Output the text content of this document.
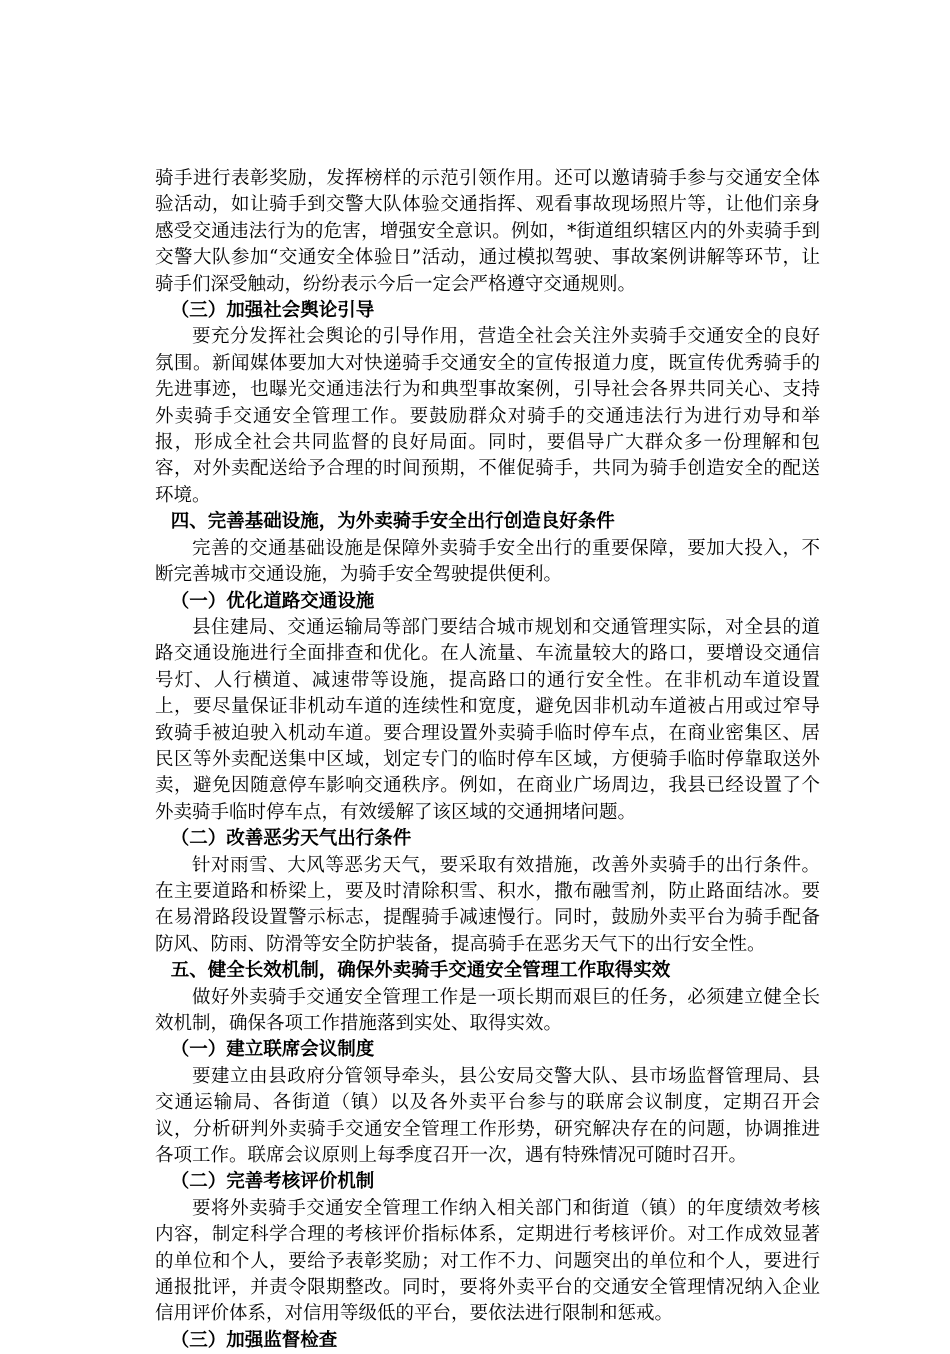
骑手进行表彰奖励，发挥榜样的示范引领作用。还可以邀请骑手参与交通安全体验活动，如让骑手到交警大队体验交通指挥、观看事故现场照片等，让他们亲身感受交通违法行为的危害，增强安全意识。例如，*街道组织辖区内的外卖骑手到交警大队参加“交通安全体验日”活动，通过模拟驾驶、事故案例讲解等环节，让骑手们深受触动，纷纷表示今后一定会严格遵守交通规则。

（三）加强社会舆论引导

要充分发挥社会舆论的引导作用，营造全社会关注外卖骑手交通安全的良好氛围。新闻媒体要加大对快递骑手交通安全的宣传报道力度，既宣传优秀骑手的先进事迹，也曝光交通违法行为和典型事故案例，引导社会各界共同关心、支持外卖骑手交通安全管理工作。要鼓励群众对骑手的交通违法行为进行劝导和举报，形成全社会共同监督的良好局面。同时，要倡导广大群众多一份理解和包容，对外卖配送给予合理的时间预期，不催促骑手，共同为骑手创造安全的配送环境。

四、完善基础设施，为外卖骑手安全出行创造良好条件

完善的交通基础设施是保障外卖骑手安全出行的重要保障，要加大投入，不断完善城市交通设施，为骑手安全驾驶提供便利。

（一）优化道路交通设施

县住建局、交通运输局等部门要结合城市规划和交通管理实际，对全县的道路交通设施进行全面排查和优化。在人流量、车流量较大的路口，要增设交通信号灯、人行横道、减速带等设施，提高路口的通行安全性。在非机动车道设置上，要尽量保证非机动车道的连续性和宽度，避免因非机动车道被占用或过窄导致骑手被迫驶入机动车道。要合理设置外卖骑手临时停车点，在商业密集区、居民区等外卖配送集中区域，划定专门的临时停车区域，方便骑手临时停靠取送外卖，避免因随意停车影响交通秩序。例如，在商业广场周边，我县已经设置了个外卖骑手临时停车点，有效缓解了该区域的交通拥堵问题。

（二）改善恶劣天气出行条件

针对雨雪、大风等恶劣天气，要采取有效措施，改善外卖骑手的出行条件。在主要道路和桥梁上，要及时清除积雪、积水，撒布融雪剂，防止路面结冰。要在易滑路段设置警示标志，提醒骑手减速慢行。同时，鼓励外卖平台为骑手配备防风、防雨、防滑等安全防护装备，提高骑手在恶劣天气下的出行安全性。

五、健全长效机制，确保外卖骑手交通安全管理工作取得实效

做好外卖骑手交通安全管理工作是一项长期而艰巨的任务，必须建立健全长效机制，确保各项工作措施落到实处、取得实效。

（一）建立联席会议制度

要建立由县政府分管领导牵头，县公安局交警大队、县市场监督管理局、县交通运输局、各街道（镇）以及各外卖平台参与的联席会议制度，定期召开会议，分析研判外卖骑手交通安全管理工作形势，研究解决存在的问题，协调推进各项工作。联席会议原则上每季度召开一次，遇有特殊情况可随时召开。

（二）完善考核评价机制

要将外卖骑手交通安全管理工作纳入相关部门和街道（镇）的年度绩效考核内容，制定科学合理的考核评价指标体系，定期进行考核评价。对工作成效显著的单位和个人，要给予表彰奖励；对工作不力、问题突出的单位和个人，要进行通报批评，并责令限期整改。同时，要将外卖平台的交通安全管理情况纳入企业信用评价体系，对信用等级低的平台，要依法进行限制和惩戒。

（三）加强监督检查
